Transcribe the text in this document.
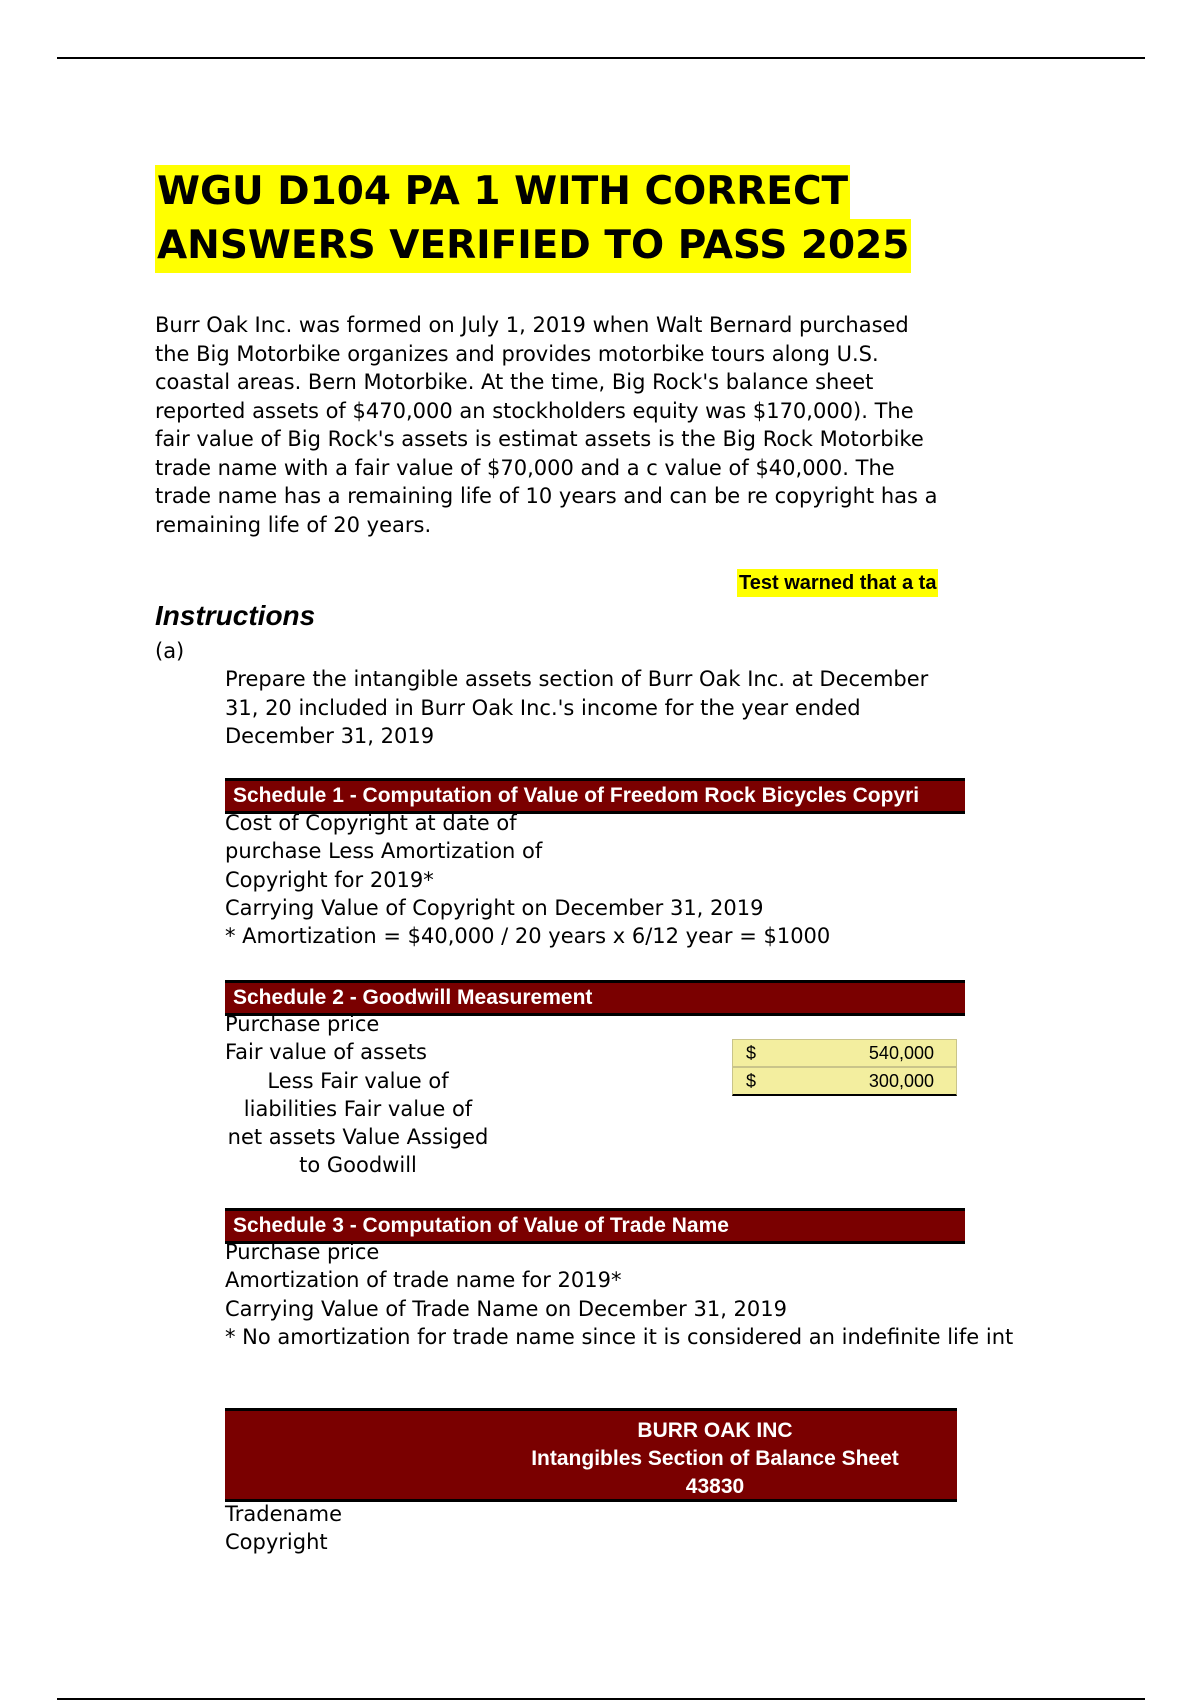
WGU D104 PA 1 WITH CORRECT
ANSWERS VERIFIED TO PASS 2025

Burr Oak Inc. was formed on July 1, 2019 when Walt Bernard purchased

the Big Motorbike organizes and provides motorbike tours along U.S.

coastal areas. Bern Motorbike. At the time, Big Rock's balance sheet

reported assets of $470,000 an stockholders equity was $170,000). The

fair value of Big Rock's assets is estimat assets is the Big Rock Motorbike

trade name with a fair value of $70,000 and a c value of $40,000. The

trade name has a remaining life of 10 years and can be re copyright has a

remaining life of 20 years.

Test warned that a ta
Instructions
(a)

Prepare the intangible assets section of Burr Oak Inc. at December

31, 20 included in Burr Oak Inc.'s income for the year ended

December 31, 2019

Schedule 1 - Computation of Value of Freedom Rock Bicycles Copyri
Cost of Copyright at date of
purchase Less Amortization of
Copyright for 2019*
Carrying Value of Copyright on December 31, 2019
* Amortization = $40,000 / 20 years x 6/12 year = $1000
Schedule 2 - Goodwill Measurement
Purchase price
Fair value of assets
Less Fair value of
liabilities Fair value of
net assets Value Assiged
to Goodwill
$	540,000
$	300,000
Schedule 3 - Computation of Value of Trade Name
Purchase price
Amortization of trade name for 2019*
Carrying Value of Trade Name on December 31, 2019
* No amortization for trade name since it is considered an indefinite life int
BURR OAK INC
Intangibles Section of Balance Sheet
43830
Tradename
Copyright
